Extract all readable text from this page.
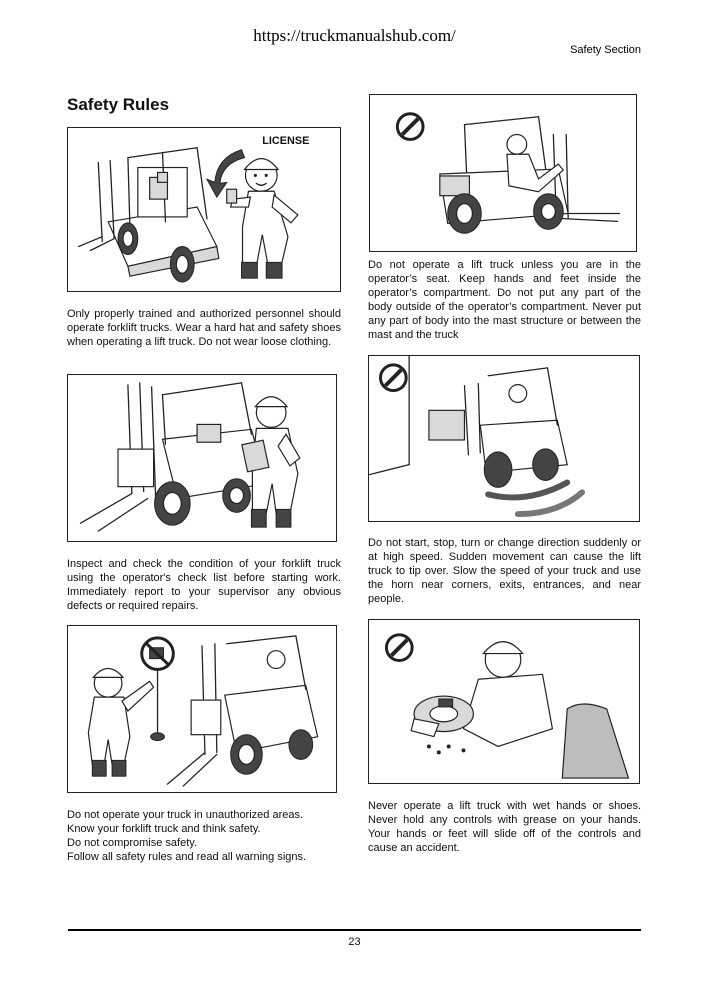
https://truckmanualshub.com/
Safety Section
Safety Rules
LICENSE
Only properly trained and authorized personnel should operate forklift trucks. Wear a hard hat and safety shoes when operating a lift truck. Do not wear loose clothing.
Inspect and check the condition of your forklift truck using the operator's check list before starting work. Immediately report to your supervisor any obvious defects or required repairs.
Do not operate your truck in unauthorized areas.
Know your forklift truck and think safety.
Do not compromise safety.
Follow all safety rules and read all warning signs.
Do not operate a lift truck unless you are in the operator’s seat. Keep hands and feet inside the operator’s compartment. Do not put any part of the body outside of the operator’s compartment. Never put any part of body into the mast structure or between the mast and the truck
Do not start, stop, turn or change direction suddenly or at high speed. Sudden movement can cause the lift truck to tip over. Slow the speed of your truck and use the horn near corners, exits, entrances, and near people.
Never operate a lift truck with wet hands or shoes. Never hold any controls with grease on your hands. Your hands or feet will slide off of the controls and cause an accident.
23
